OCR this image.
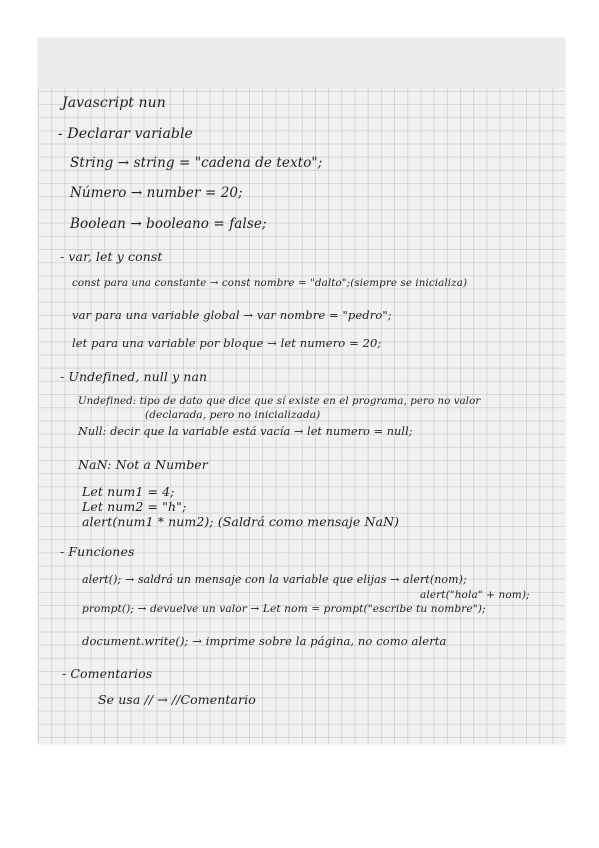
Javascript nun
- Declarar variable
String → string = "cadena de texto";
Número → number = 20;
Boolean → booleano = false;
- var, let y const
const para una constante → const nombre = "dalto";(siempre se inicializa)
var para una variable global → var nombre = "pedro";
let para una variable por bloque → let numero = 20;
- Undefined, null y nan
Undefined: tipo de dato que dice que sí existe en el programa, pero no valor
(declarada, pero no inicializada)
Null: decir que la variable está vacía → let numero = null;
NaN: Not a Number
Let num1 = 4;
Let num2 = "h";
alert(num1 * num2); (Saldrá como mensaje NaN)
- Funciones
alert(); → saldrá un mensaje con la variable que elijas → alert(nom);
alert("hola" + nom);
prompt(); → devuelve un valor → Let nom = prompt("escribe tu nombre");
document.write(); → imprime sobre la página, no como alerta
- Comentarios
Se usa // → //Comentario
